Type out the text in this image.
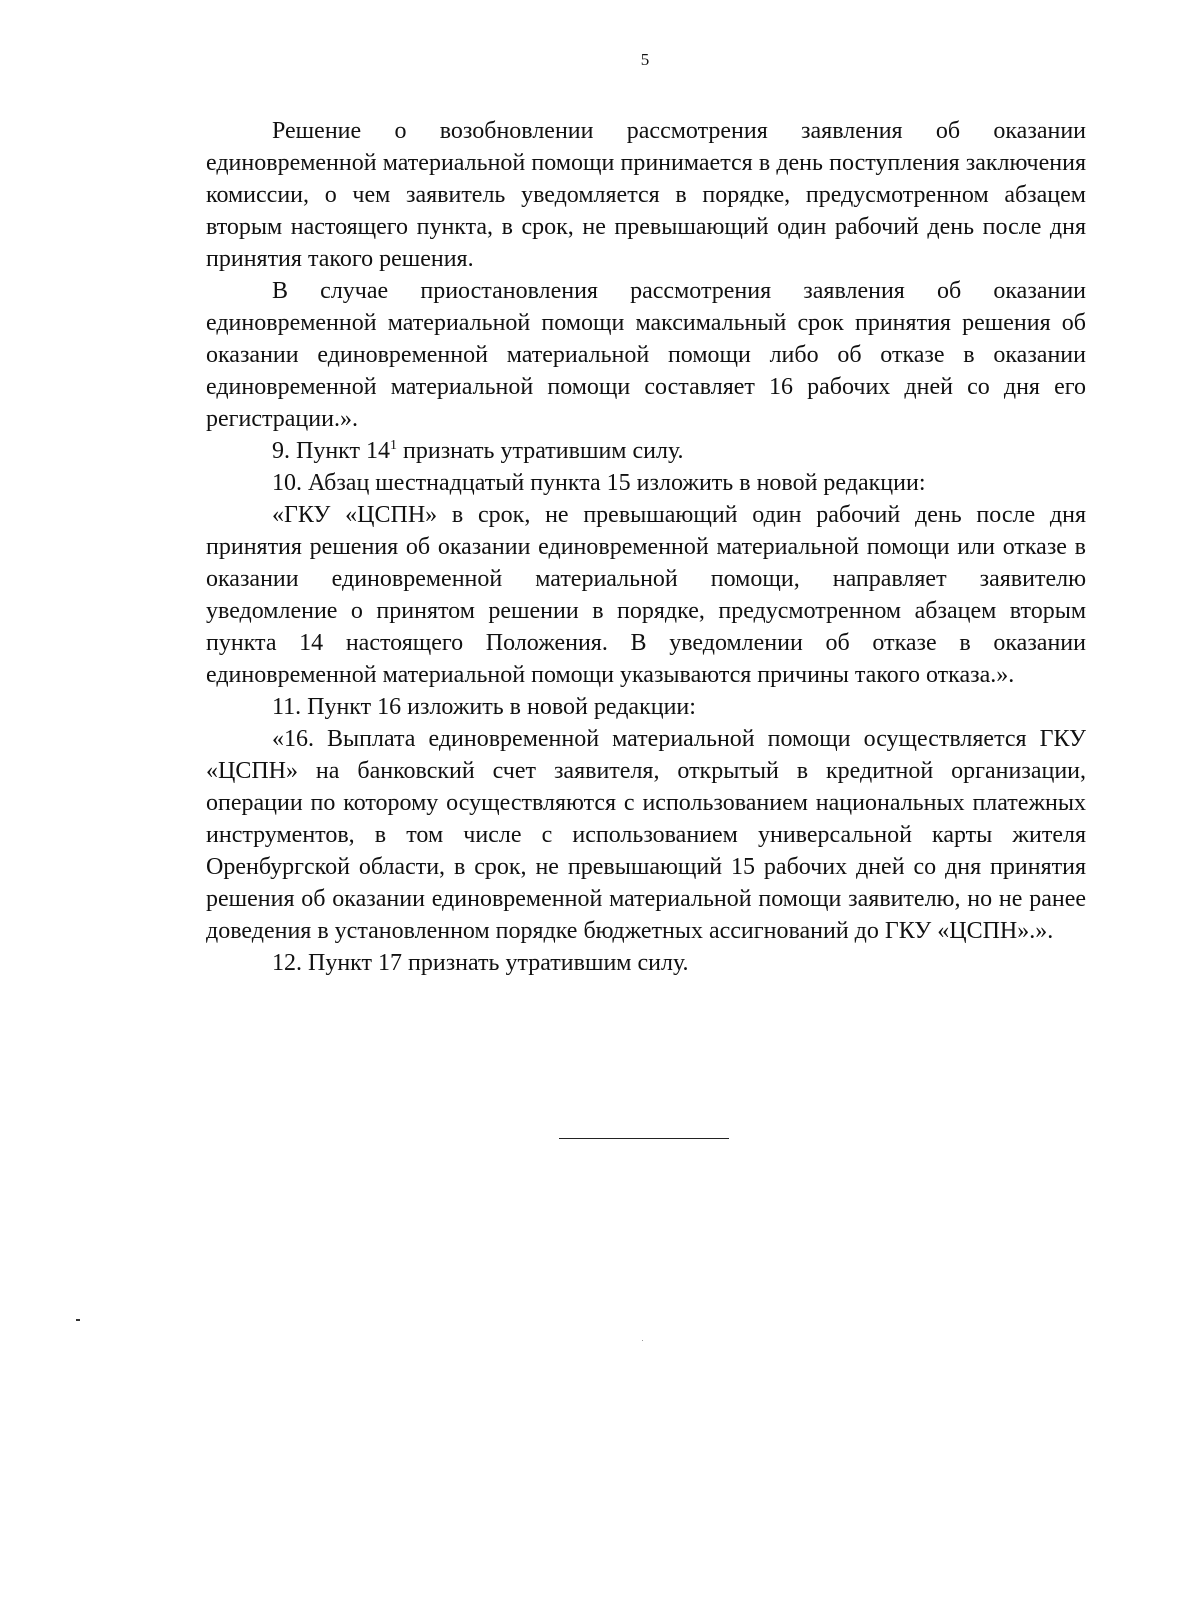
5

Решение о возобновлении рассмотрения заявления об оказании единовременной материальной помощи принимается в день поступления заключения комиссии, о чем заявитель уведомляется в порядке, предусмотренном абзацем вторым настоящего пункта, в срок, не превышающий один рабочий день после дня принятия такого решения.

В случае приостановления рассмотрения заявления об оказании единовременной материальной помощи максимальный срок принятия решения об оказании единовременной материальной помощи либо об отказе в оказании единовременной материальной помощи составляет 16 рабочих дней со дня его регистрации.».

9. Пункт $14^1$ признать утратившим силу.

10. Абзац шестнадцатый пункта 15 изложить в новой редакции:

«ГКУ «ЦСПН» в срок, не превышающий один рабочий день после дня принятия решения об оказании единовременной материальной помощи или отказе в оказании единовременной материальной помощи, направляет заявителю уведомление о принятом решении в порядке, предусмотренном абзацем вторым пункта 14 настоящего Положения. В уведомлении об отказе в оказании единовременной материальной помощи указываются причины такого отказа.».

11. Пункт 16 изложить в новой редакции:

«16. Выплата единовременной материальной помощи осуществляется ГКУ «ЦСПН» на банковский счет заявителя, открытый в кредитной организации, операции по которому осуществляются с использованием национальных платежных инструментов, в том числе с использованием универсальной карты жителя Оренбургской области, в срок, не превышающий 15 рабочих дней со дня принятия решения об оказании единовременной материальной помощи заявителю, но не ранее доведения в установленном порядке бюджетных ассигнований до ГКУ «ЦСПН».».

12. Пункт 17 признать утратившим силу.
